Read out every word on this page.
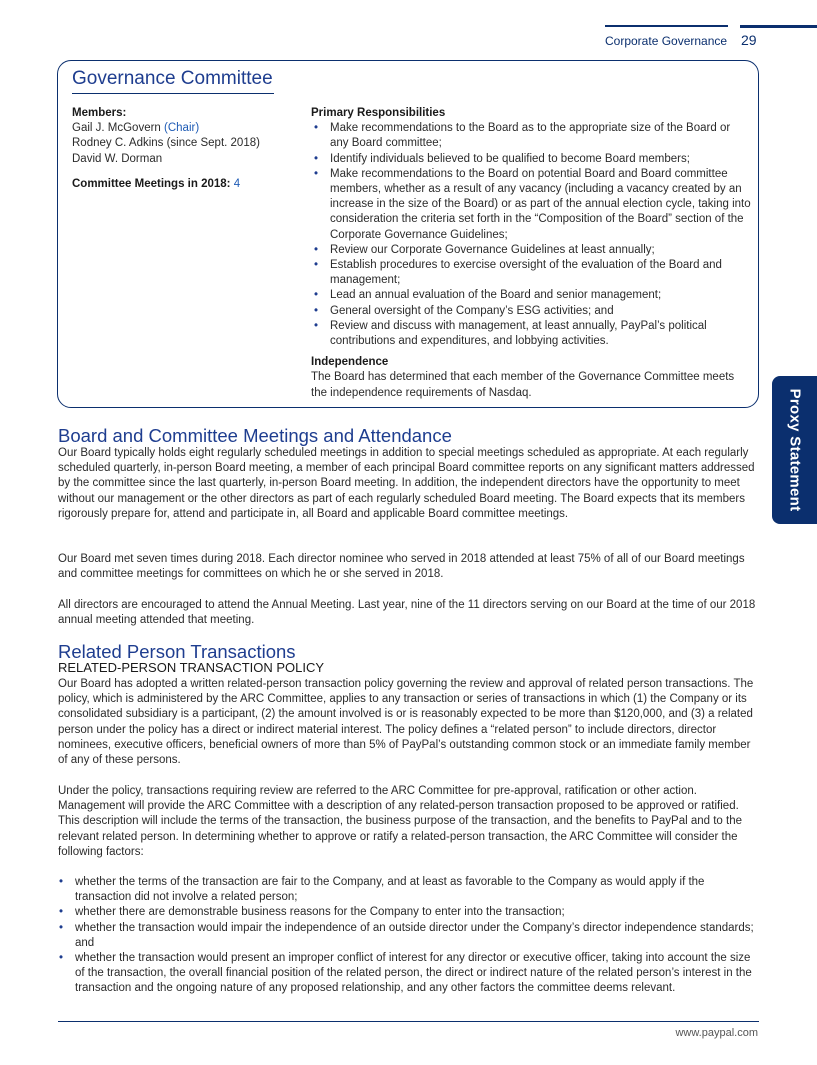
Corporate Governance 29
Proxy Statement
Governance Committee
Members:
Gail J. McGovern (Chair)
Rodney C. Adkins (since Sept. 2018)
David W. Dorman
Committee Meetings in 2018: 4
Primary Responsibilities
• Make recommendations to the Board as to the appropriate size of the Board or any Board committee;
• Identify individuals believed to be qualified to become Board members;
• Make recommendations to the Board on potential Board and Board committee members, whether as a result of any vacancy (including a vacancy created by an increase in the size of the Board) or as part of the annual election cycle, taking into consideration the criteria set forth in the “Composition of the Board” section of the Corporate Governance Guidelines;
• Review our Corporate Governance Guidelines at least annually;
• Establish procedures to exercise oversight of the evaluation of the Board and management;
• Lead an annual evaluation of the Board and senior management;
• General oversight of the Company’s ESG activities; and
• Review and discuss with management, at least annually, PayPal’s political contributions and expenditures, and lobbying activities.
Independence
The Board has determined that each member of the Governance Committee meets the independence requirements of Nasdaq.
Board and Committee Meetings and Attendance

Our Board typically holds eight regularly scheduled meetings in addition to special meetings scheduled as appropriate. At each regularly scheduled quarterly, in-person Board meeting, a member of each principal Board committee reports on any significant matters addressed by the committee since the last quarterly, in-person Board meeting. In addition, the independent directors have the opportunity to meet without our management or the other directors as part of each regularly scheduled Board meeting. The Board expects that its members rigorously prepare for, attend and participate in, all Board and applicable Board committee meetings.

Our Board met seven times during 2018. Each director nominee who served in 2018 attended at least 75% of all of our Board meetings and committee meetings for committees on which he or she served in 2018.

All directors are encouraged to attend the Annual Meeting. Last year, nine of the 11 directors serving on our Board at the time of our 2018 annual meeting attended that meeting.

Related Person Transactions
RELATED-PERSON TRANSACTION POLICY

Our Board has adopted a written related-person transaction policy governing the review and approval of related person transactions. The policy, which is administered by the ARC Committee, applies to any transaction or series of transactions in which (1) the Company or its consolidated subsidiary is a participant, (2) the amount involved is or is reasonably expected to be more than $120,000, and (3) a related person under the policy has a direct or indirect material interest. The policy defines a “related person” to include directors, director nominees, executive officers, beneficial owners of more than 5% of PayPal’s outstanding common stock or an immediate family member of any of these persons.

Under the policy, transactions requiring review are referred to the ARC Committee for pre-approval, ratification or other action. Management will provide the ARC Committee with a description of any related-person transaction proposed to be approved or ratified. This description will include the terms of the transaction, the business purpose of the transaction, and the benefits to PayPal and to the relevant related person. In determining whether to approve or ratify a related-person transaction, the ARC Committee will consider the following factors:

• whether the terms of the transaction are fair to the Company, and at least as favorable to the Company as would apply if the transaction did not involve a related person;
• whether there are demonstrable business reasons for the Company to enter into the transaction;
• whether the transaction would impair the independence of an outside director under the Company’s director independence standards; and
• whether the transaction would present an improper conflict of interest for any director or executive officer, taking into account the size of the transaction, the overall financial position of the related person, the direct or indirect nature of the related person’s interest in the transaction and the ongoing nature of any proposed relationship, and any other factors the committee deems relevant.
www.paypal.com
